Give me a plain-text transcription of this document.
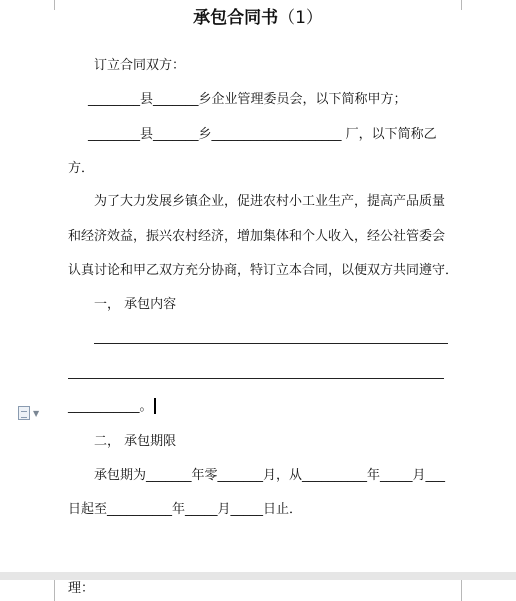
承包合同书（1）
订立合同双方：
________县_______乡企业管理委员会，以下简称甲方；
________县_______乡____________________ 厂，以下简称乙
方．
为了大力发展乡镇企业，促进农村小工业生产，提高产品质量
和经济效益，振兴农村经济，增加集体和个人收入，经公社管委会
认真讨论和甲乙双方充分协商，特订立本合同，以便双方共同遵守．
一， 承包内容
___________。
▼
二， 承包期限
承包期为_______年零_______月，从__________年_____月___
日起至__________年_____月_____日止．
理：
